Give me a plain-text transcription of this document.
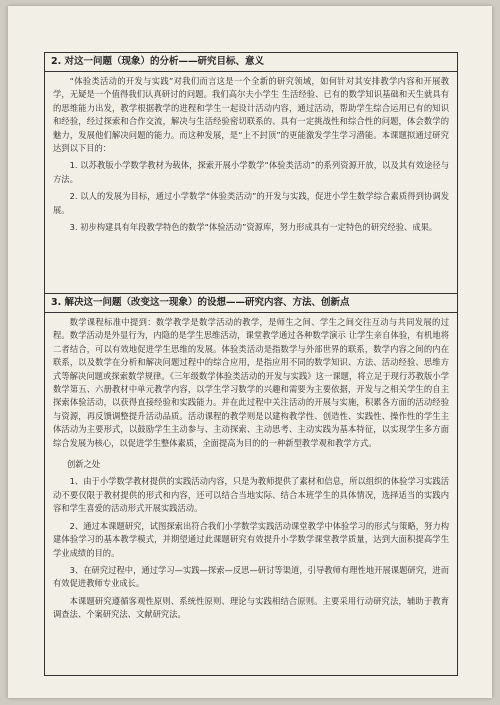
2. 对这一问题（现象）的分析——研究目标、意义

“体验类活动的开发与实践”对我们而言这是一个全新的研究领域，如何针对其安排教学内容和开展教学，无疑是一个值得我们认真研讨的问题。我们高尔夫小学生 生活经验、已有的数学知识基础和天生就具有的思维能力出发，教学根据教学的进程和学生一起设计活动内容，通过活动，帮助学生综合运用已有的知识和经验，经过探索和合作交流，解决与生活经验密切联系的、具有一定挑战性和综合性的问题，体会数学的魅力，发展他们解决问题的能力。而这种发展，是“上不封顶”的更能激发学生学习潜能。本课题拟通过研究达到以下目的：

1. 以苏教版小学数学教材为载体，探索开展小学数学“体验类活动”的系列资源开放，以及其有效途径与方法。

2. 以人的发展为目标，通过小学数学“体验类活动”的开发与实践，促进小学生数学综合素质得到协调发展。

3. 初步构建具有年段教学特色的数学“体验活动”资源库，努力形成具有一定特色的研究经验、成果。

3. 解决这一问题（改变这一现象）的设想——研究内容、方法、创新点

数学课程标准中提到：数学教学是数学活动的教学，是师生之间、学生之间交往互动与共同发展的过程。数学活动是外显行为，内隐的是学生思维活动，课堂教学通过各种数学演示 让学生亲自体验，有机地将二者结合，可以有效地促进学生思维的发展。体验类活动是指数学与外部世界的联系，数学内容之间的内在联系，以及数学在分析和解决问题过程中的综合应用，是指应用不同的数学知识、方法、活动经验、思维方式等解决问题或探索数学规律。《三年级数学体验类活动的开发与实践》这一课题，将立足于现行苏教版小学数学第五、六册教材中单元教学内容，以学生学习数学的兴趣和需要为主要依据，开发与之相关学生的自主探索体验活动，以获得直接经验和实践能力。并在此过程中关注活动的开展与实施，积累各方面的活动经验与资源，再反馈调整提升活动品质。活动课程的教学则是以建构教学性、创造性、实践性、操作性的学生主体活动为主要形式，以鼓励学生主动参与、主动探索、主动思考、主动实践为基本特征，以实现学生多方面综合发展为核心，以促进学生整体素质，全面提高为目的的一种新型教学观和教学方式。

创新之处

1、由于小学数学教材提供的实践活动内容，只是为教师提供了素材和信息，所以组织的体验学习实践活动不要仅限于教材提供的形式和内容，还可以结合当地实际、结合本班学生的具体情况，选择适当的实践内容和学生喜爱的活动形式开展实践活动。

2、通过本课题研究，试图探索出符合我们小学数学实践活动课堂教学中体验学习的形式与策略，努力构建体验学习的基本教学模式，并期望通过此课题研究有效提升小学数学课堂教学质量，达到大面积提高学生学业成绩的目的。

3、在研究过程中，通过学习—实践—探索—反思—研讨等渠道，引导教师有理性地开展课题研究，进而有效促进教师专业成长。

本课题研究遵循客观性原则、系统性原则、理论与实践相结合原则。主要采用行动研究法，辅助于教育调查法、个案研究法、文献研究法。
